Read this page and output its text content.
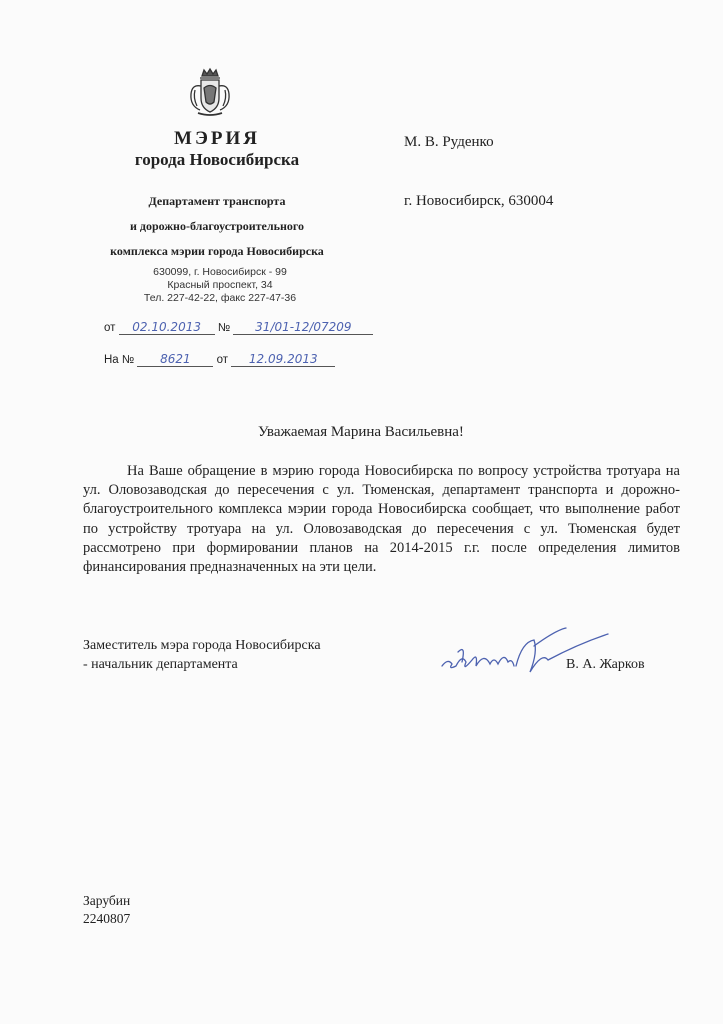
МЭРИЯ
города Новосибирска
Департамент транспорта
и дорожно-благоустроительного
комплекса мэрии города Новосибирска
630099, г. Новосибирск - 99
Красный проспект, 34
Тел. 227-42-22, факс 227-47-36
от 02.10.2013 № 31/01-12/07209
На № 8621 от 12.09.2013
М. В. Руденко
г. Новосибирск, 630004
Уважаемая Марина Васильевна!

На Ваше обращение в мэрию города Новосибирска по вопросу устройства тротуара на ул. Оловозаводская до пересечения с ул. Тюменская, департамент транспорта и дорожно-благоустроительного комплекса мэрии города Новосибирска сообщает, что выполнение работ по устройству тротуара на ул. Оловозаводская до пересечения с ул. Тюменская будет рассмотрено при формировании планов на 2014-2015 г.г. после определения лимитов финансирования предназначенных на эти цели.

Заместитель мэра города Новосибирска
- начальник департамента	В. А. Жарков
Зарубин
2240807
